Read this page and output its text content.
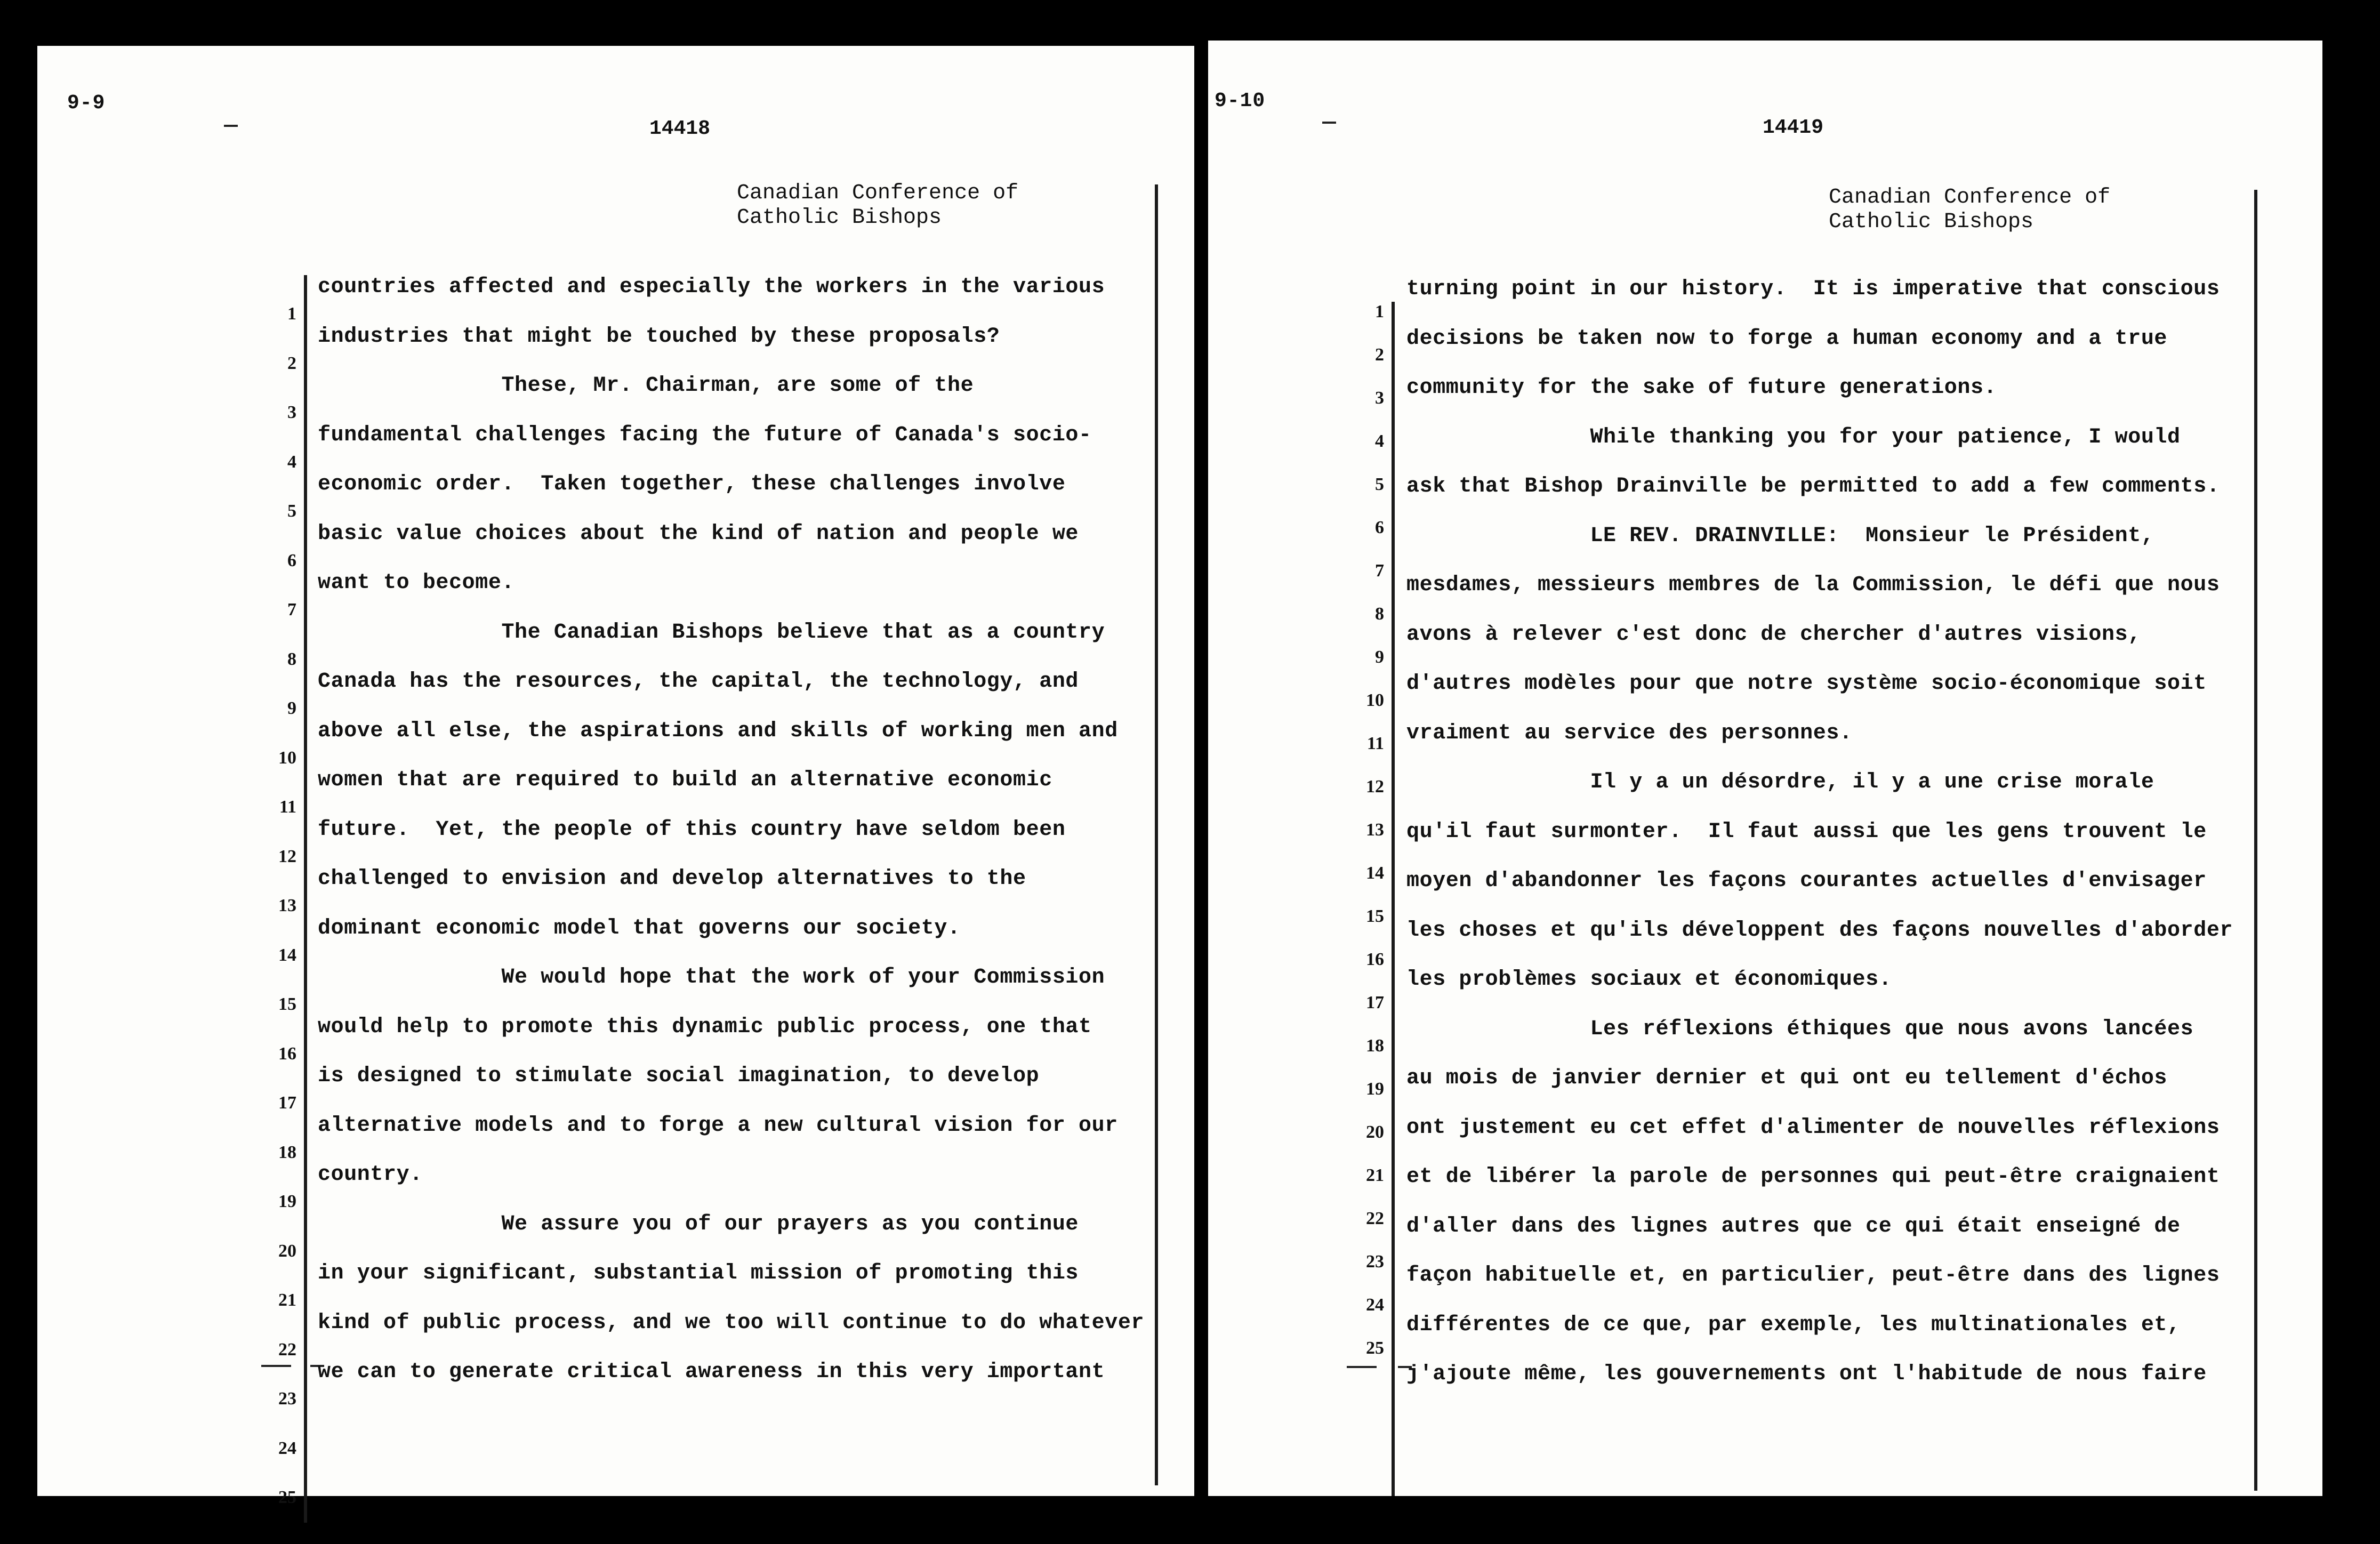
9-9
14418
Canadian Conference of
Catholic Bishops
1
2
3
4
5
6
7
8
9
10
11
12
13
14
15
16
17
18
19
20
21
22
23
24
25
countries affected and especially the workers in the various
industries that might be touched by these proposals?
These, Mr. Chairman, are some of the
fundamental challenges facing the future of Canada's socio-
economic order.  Taken together, these challenges involve
basic value choices about the kind of nation and people we
want to become.
The Canadian Bishops believe that as a country
Canada has the resources, the capital, the technology, and
above all else, the aspirations and skills of working men and
women that are required to build an alternative economic
future.  Yet, the people of this country have seldom been
challenged to envision and develop alternatives to the
dominant economic model that governs our society.
We would hope that the work of your Commission
would help to promote this dynamic public process, one that
is designed to stimulate social imagination, to develop
alternative models and to forge a new cultural vision for our
country.
We assure you of our prayers as you continue
in your significant, substantial mission of promoting this
kind of public process, and we too will continue to do whatever
we can to generate critical awareness in this very important
9-10
14419
Canadian Conference of
Catholic Bishops
1
2
3
4
5
6
7
8
9
10
11
12
13
14
15
16
17
18
19
20
21
22
23
24
25
turning point in our history.  It is imperative that conscious
decisions be taken now to forge a human economy and a true
community for the sake of future generations.
While thanking you for your patience, I would
ask that Bishop Drainville be permitted to add a few comments.
LE REV. DRAINVILLE:  Monsieur le Président,
mesdames, messieurs membres de la Commission, le défi que nous
avons à relever c'est donc de chercher d'autres visions,
d'autres modèles pour que notre système socio-économique soit
vraiment au service des personnes.
Il y a un désordre, il y a une crise morale
qu'il faut surmonter.  Il faut aussi que les gens trouvent le
moyen d'abandonner les façons courantes actuelles d'envisager
les choses et qu'ils développent des façons nouvelles d'aborder
les problèmes sociaux et économiques.
Les réflexions éthiques que nous avons lancées
au mois de janvier dernier et qui ont eu tellement d'échos
ont justement eu cet effet d'alimenter de nouvelles réflexions
et de libérer la parole de personnes qui peut-être craignaient
d'aller dans des lignes autres que ce qui était enseigné de
façon habituelle et, en particulier, peut-être dans des lignes
différentes de ce que, par exemple, les multinationales et,
j'ajoute même, les gouvernements ont l'habitude de nous faire
